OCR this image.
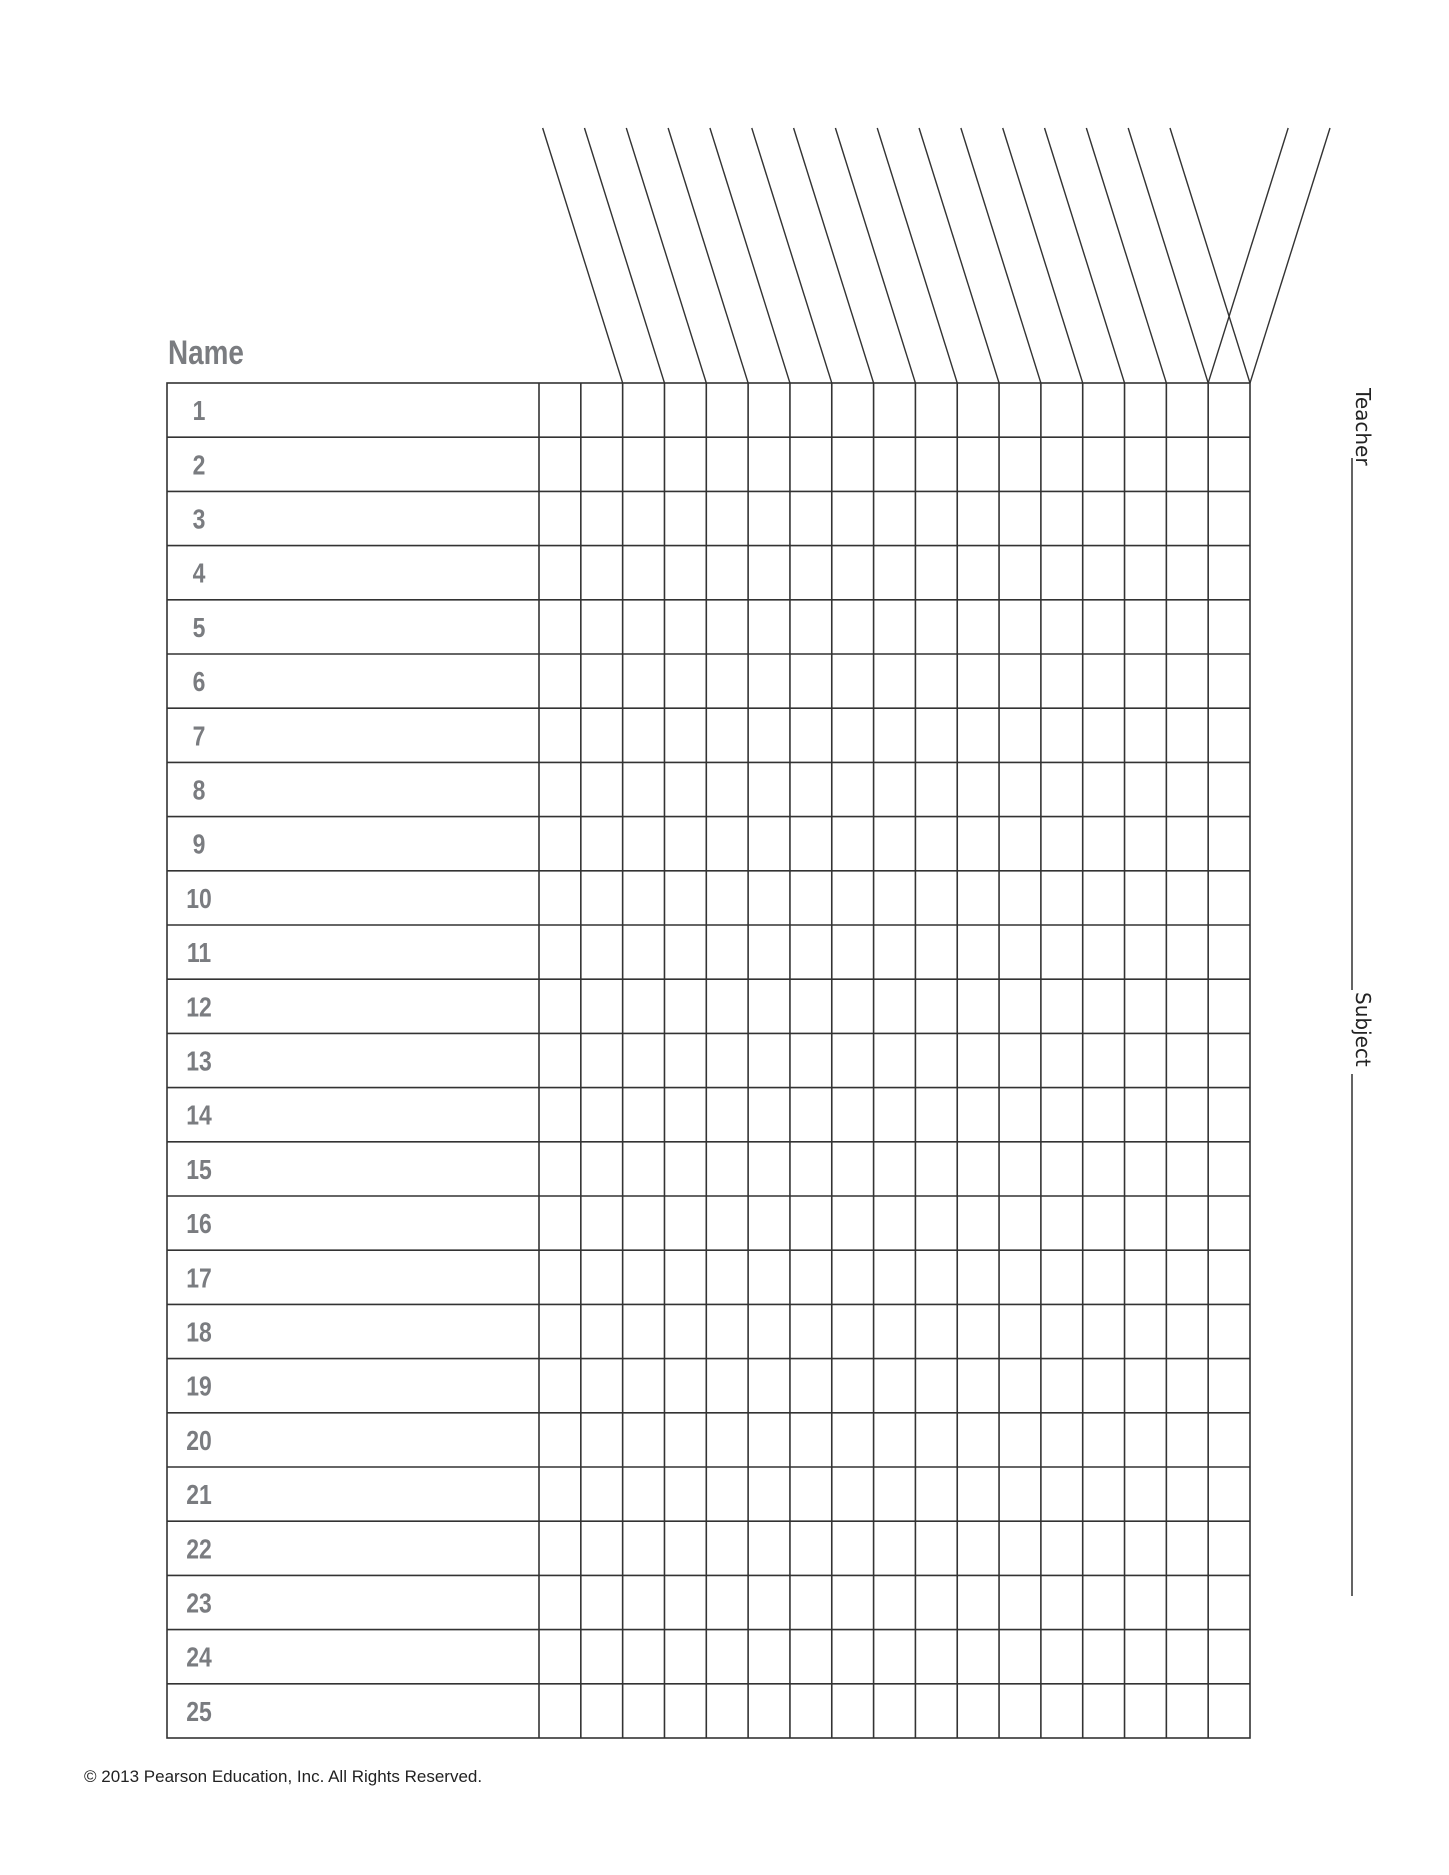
Name
1
2
3
4
5
6
7
8
9
10
11
12
13
14
15
16
17
18
19
20
21
22
23
24
25
Teacher
Subject
© 2013 Pearson Education, Inc. All Rights Reserved.
